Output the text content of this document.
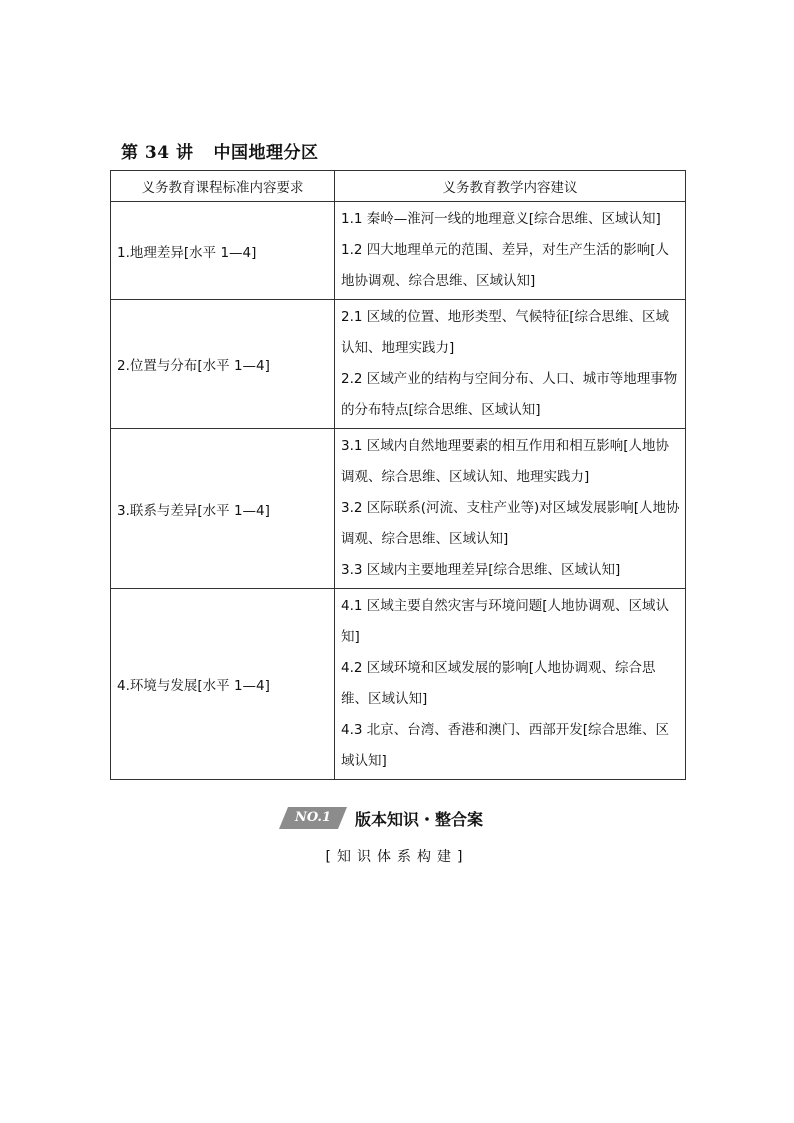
第 34 讲 中国地理分区
义务教育课程标准内容要求	义务教育教学内容建议
1.地理差异[水平 1—4]	1.1 秦岭—淮河一线的地理意义[综合思维、区域认知]
1.2 四大地理单元的范围、差异，对生产生活的影响[人地协调观、综合思维、区域认知]

2.位置与分布[水平 1—4]	2.1 区域的位置、地形类型、气候特征[综合思维、区域认知、地理实践力]
2.2 区域产业的结构与空间分布、人口、城市等地理事物的分布特点[综合思维、区域认知]

3.联系与差异[水平 1—4]	3.1 区域内自然地理要素的相互作用和相互影响[人地协调观、综合思维、区域认知、地理实践力]
3.2 区际联系(河流、支柱产业等)对区域发展影响[人地协调观、综合思维、区域认知]
3.3 区域内主要地理差异[综合思维、区域认知]

4.环境与发展[水平 1—4]	4.1 区域主要自然灾害与环境问题[人地协调观、区域认知]
4.2 区域环境和区域发展的影响[人地协调观、综合思维、区域认知]
4.3 北京、台湾、香港和澳门、西部开发[综合思维、区域认知]
NO.1	版本知识・整合案
[知识体系构建]
